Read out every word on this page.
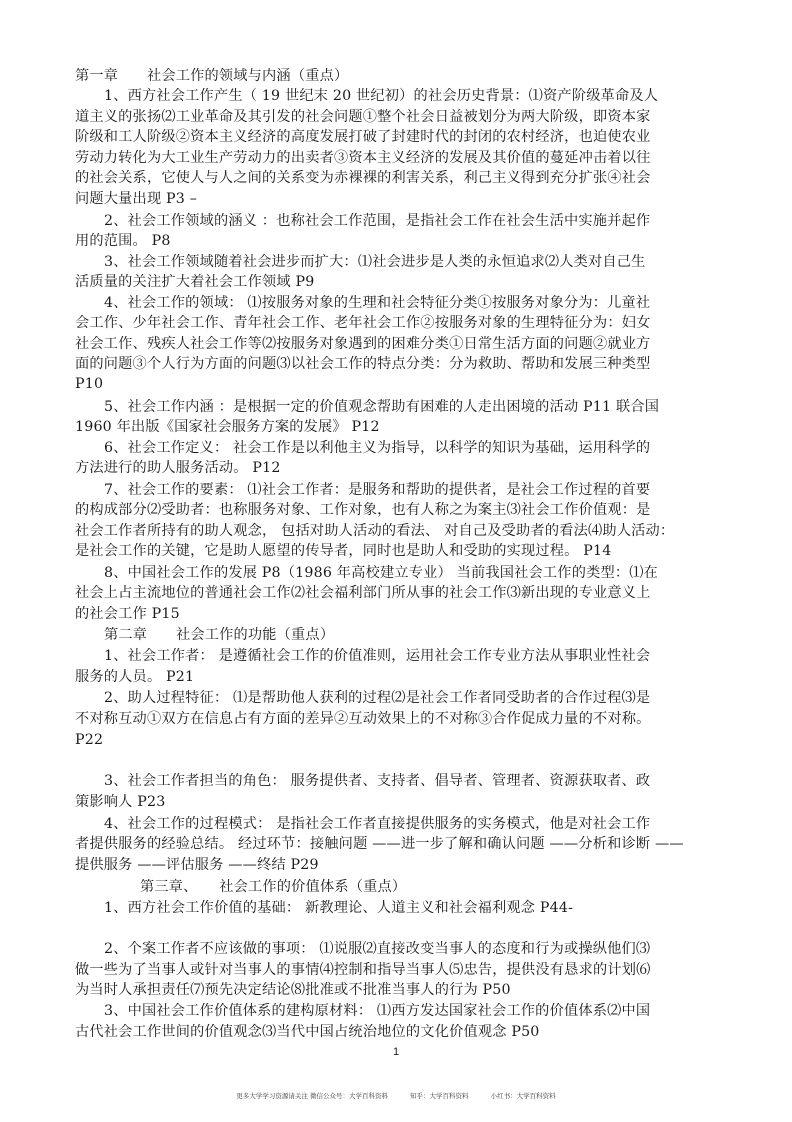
第一章　　社会工作的领域与内涵（重点）
1、西方社会工作产生（ 19 世纪末 20 世纪初）的社会历史背景：⑴资产阶级革命及人
道主义的张扬⑵工业革命及其引发的社会问题①整个社会日益被划分为两大阶级，即资本家
阶级和工人阶级②资本主义经济的高度发展打破了封建时代的封闭的农村经济，也迫使农业
劳动力转化为大工业生产劳动力的出卖者③资本主义经济的发展及其价值的蔓延冲击着以往
的社会关系，它使人与人之间的关系变为赤裸裸的利害关系，利己主义得到充分扩张④社会
问题大量出现 P3 –
2、社会工作领域的涵义 ：也称社会工作范围，是指社会工作在社会生活中实施并起作
用的范围。 P8
3、社会工作领域随着社会进步而扩大：⑴社会进步是人类的永恒追求⑵人类对自己生
活质量的关注扩大着社会工作领域 P9
4、社会工作的领域： ⑴按服务对象的生理和社会特征分类①按服务对象分为：儿童社
会工作、少年社会工作、青年社会工作、老年社会工作②按服务对象的生理特征分为：妇女
社会工作、残疾人社会工作等⑵按服务对象遇到的困难分类①日常生活方面的问题②就业方
面的问题③个人行为方面的问题⑶以社会工作的特点分类：分为救助、帮助和发展三种类型
P10
5、社会工作内涵 ：是根据一定的价值观念帮助有困难的人走出困境的活动 P11 联合国
1960 年出版《国家社会服务方案的发展》 P12
6、社会工作定义： 社会工作是以利他主义为指导，以科学的知识为基础，运用科学的
方法进行的助人服务活动。 P12
7、社会工作的要素： ⑴社会工作者：是服务和帮助的提供者，是社会工作过程的首要
的构成部分⑵受助者：也称服务对象、工作对象，也有人称之为案主⑶社会工作价值观：是
社会工作者所持有的助人观念， 包括对助人活动的看法、 对自己及受助者的看法⑷助人活动：
是社会工作的关键，它是助人愿望的传导者，同时也是助人和受助的实现过程。 P14
8、中国社会工作的发展 P8（1986 年高校建立专业） 当前我国社会工作的类型：⑴在
社会上占主流地位的普通社会工作⑵社会福利部门所从事的社会工作⑶新出现的专业意义上
的社会工作 P15
第二章　　社会工作的功能（重点）
1、社会工作者： 是遵循社会工作的价值准则，运用社会工作专业方法从事职业性社会
服务的人员。 P21
2、助人过程特征： ⑴是帮助他人获利的过程⑵是社会工作者同受助者的合作过程⑶是
不对称互动①双方在信息占有方面的差异②互动效果上的不对称③合作促成力量的不对称。
P22
3、社会工作者担当的角色： 服务提供者、支持者、倡导者、管理者、资源获取者、政
策影响人 P23
4、社会工作的过程模式： 是指社会工作者直接提供服务的实务模式，他是对社会工作
者提供服务的经验总结。 经过环节：接触问题 ——进一步了解和确认问题 ——分析和诊断 ——
提供服务 ——评估服务 ——终结 P29
第三章、　　社会工作的价值体系（重点）
1、西方社会工作价值的基础： 新教理论、人道主义和社会福利观念 P44-
2、个案工作者不应该做的事项： ⑴说服⑵直接改变当事人的态度和行为或操纵他们⑶
做一些为了当事人或针对当事人的事情⑷控制和指导当事人⑸忠告，提供没有恳求的计划⑹
为当时人承担责任⑺预先决定结论⑻批准或不批准当事人的行为 P50
3、中国社会工作价值体系的建构原材料： ⑴西方发达国家社会工作的价值体系⑵中国
古代社会工作世间的价值观念⑶当代中国占统治地位的文化价值观念 P50
1
更多大学学习资源请关注 微信公众号：大学百科资料	知乎：大学百科资料	小红书：大学百科资料
